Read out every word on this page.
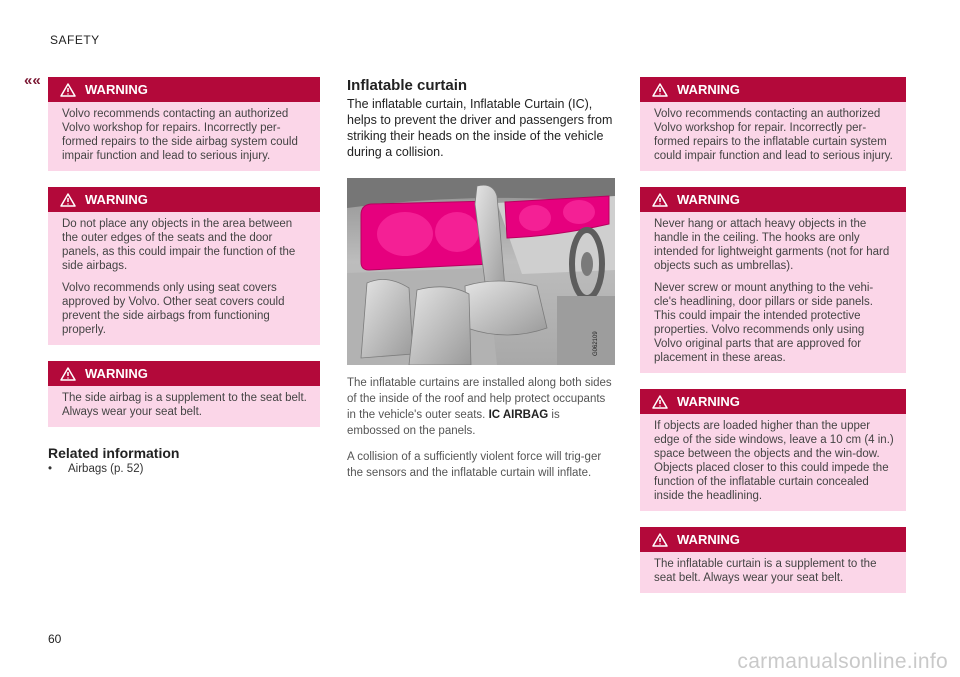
SAFETY
««
WARNING

Volvo recommends contacting an authorized Volvo workshop for repairs. Incorrectly per-formed repairs to the side airbag system could impair function and lead to serious injury.

WARNING

Do not place any objects in the area between the outer edges of the seats and the door panels, as this could impair the function of the side airbags.

Volvo recommends only using seat covers approved by Volvo. Other seat covers could prevent the side airbags from functioning properly.

WARNING

The side airbag is a supplement to the seat belt. Always wear your seat belt.

Related information
•	Airbags (p. 52)
Inflatable curtain

The inflatable curtain, Inflatable Curtain (IC), helps to prevent the driver and passengers from striking their heads on the inside of the vehicle during a collision.

G062109

The inflatable curtains are installed along both sides of the inside of the roof and help protect occupants in the vehicle's outer seats. IC AIRBAG is embossed on the panels.

A collision of a sufficiently violent force will trig-ger the sensors and the inflatable curtain will inflate.

WARNING

Volvo recommends contacting an authorized Volvo workshop for repair. Incorrectly per-formed repairs to the inflatable curtain system could impair function and lead to serious injury.

WARNING

Never hang or attach heavy objects in the handle in the ceiling. The hooks are only intended for lightweight garments (not for hard objects such as umbrellas).

Never screw or mount anything to the vehi-cle's headlining, door pillars or side panels. This could impair the intended protective properties. Volvo recommends only using Volvo original parts that are approved for placement in these areas.

WARNING

If objects are loaded higher than the upper edge of the side windows, leave a 10 cm (4 in.) space between the objects and the win-dow. Objects placed closer to this could impede the function of the inflatable curtain concealed inside the headlining.

WARNING

The inflatable curtain is a supplement to the seat belt. Always wear your seat belt.

60
carmanualsonline.info
